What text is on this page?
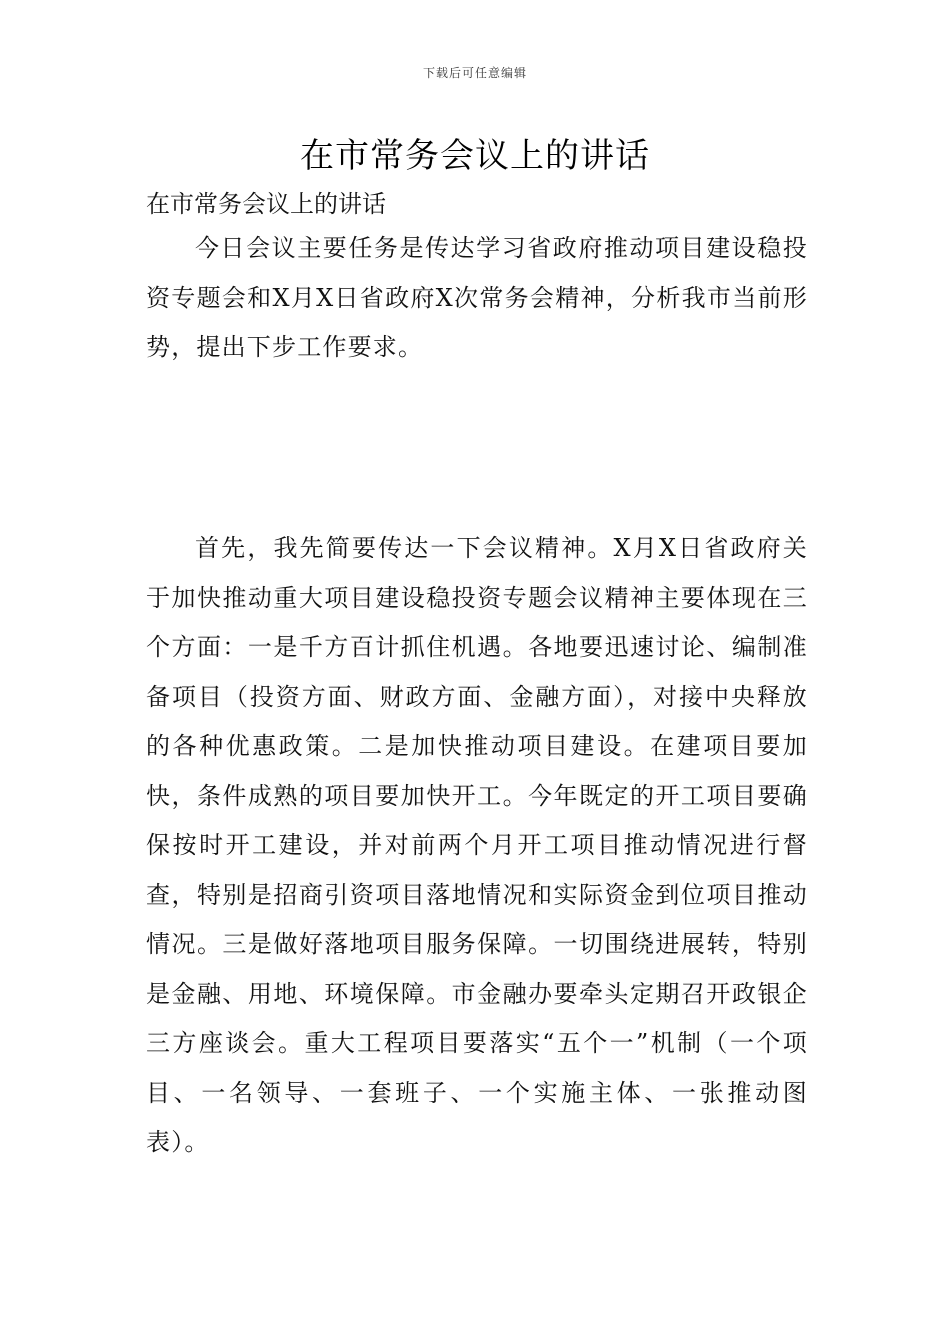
下载后可任意编辑
在市常务会议上的讲话
在市常务会议上的讲话

今日会议主要任务是传达学习省政府推动项目建设稳投资专题会和X月X日省政府X次常务会精神，分析我市当前形势，提出下步工作要求。

首先，我先简要传达一下会议精神。X月X日省政府关于加快推动重大项目建设稳投资专题会议精神主要体现在三个方面：一是千方百计抓住机遇。各地要迅速讨论、编制准备项目（投资方面、财政方面、金融方面），对接中央释放的各种优惠政策。二是加快推动项目建设。在建项目要加快，条件成熟的项目要加快开工。今年既定的开工项目要确保按时开工建设，并对前两个月开工项目推动情况进行督查，特别是招商引资项目落地情况和实际资金到位项目推动情况。三是做好落地项目服务保障。一切围绕进展转，特别是金融、用地、环境保障。市金融办要牵头定期召开政银企三方座谈会。重大工程项目要落实“五个一”机制（一个项目、一名领导、一套班子、一个实施主体、一张推动图表）。
